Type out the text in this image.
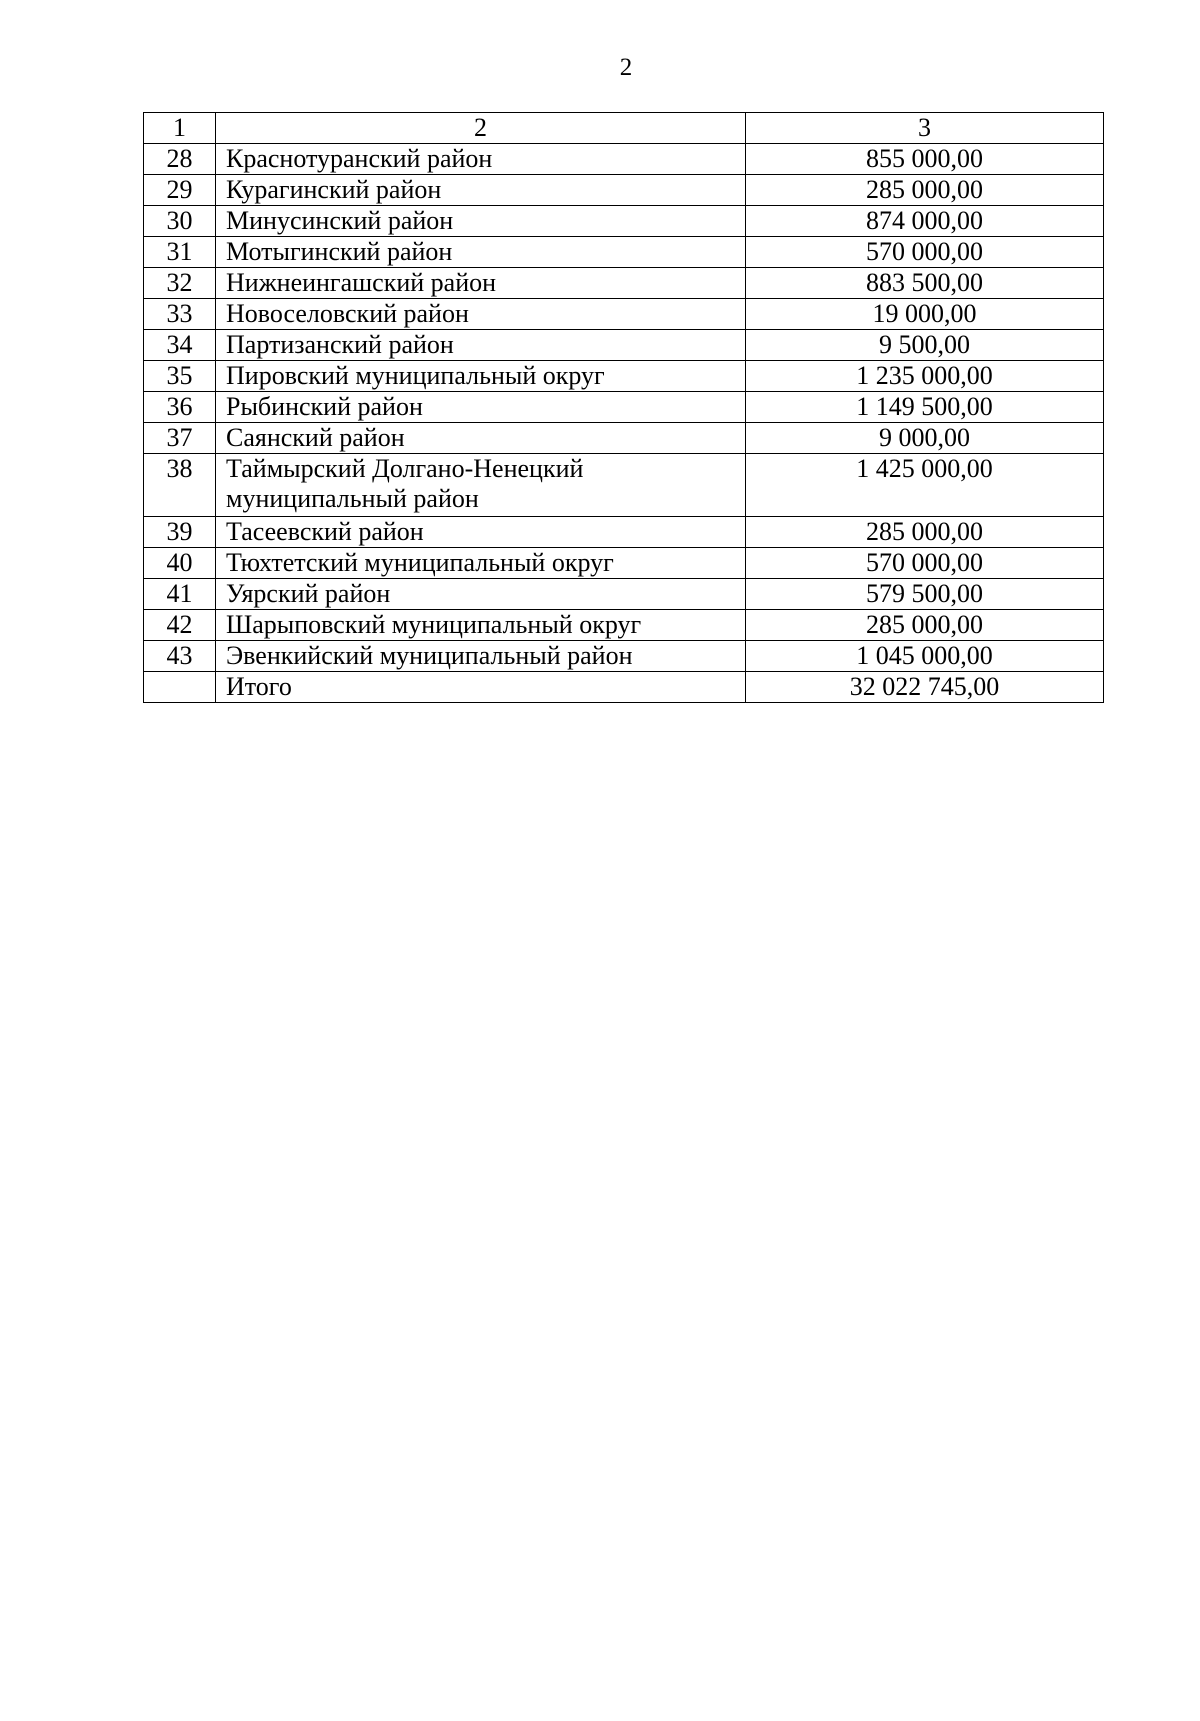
2
1	2	3
28	Краснотуранский район	855 000,00
29	Курагинский район	285 000,00
30	Минусинский район	874 000,00
31	Мотыгинский район	570 000,00
32	Нижнеингашский район	883 500,00
33	Новоселовский район	19 000,00
34	Партизанский район	9 500,00
35	Пировский муниципальный округ	1 235 000,00
36	Рыбинский район	1 149 500,00
37	Саянский район	9 000,00
38	Таймырский Долгано-Ненецкий муниципальный район	1 425 000,00
39	Тасеевский район	285 000,00
40	Тюхтетский муниципальный округ	570 000,00
41	Уярский район	579 500,00
42	Шарыповский муниципальный округ	285 000,00
43	Эвенкийский муниципальный район	1 045 000,00
	Итого	32 022 745,00
